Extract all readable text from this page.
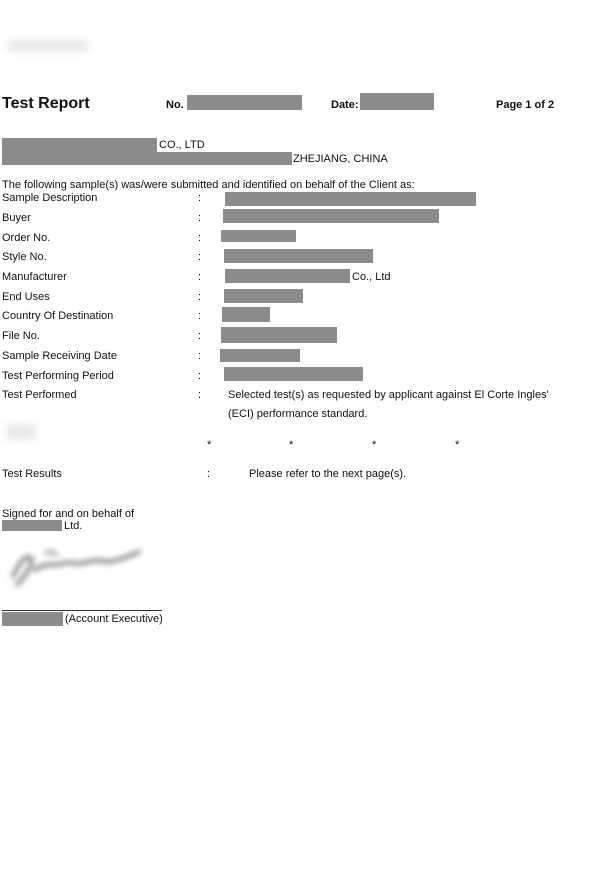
Test Report	No.	Date:	Page 1 of 2
CO., LTD
ZHEJIANG, CHINA
The following sample(s) was/were submitted and identified on behalf of the Client as:
Sample Description	:
Buyer	:
Order No.	:
Style No.	:
Manufacturer	:	Co., Ltd
End Uses	:
Country Of Destination	:
File No.	:
Sample Receiving Date	:
Test Performing Period	:
Test Performed	: Selected test(s) as requested by applicant against El Corte Ingles'
(ECI) performance standard.
*	*	*	*
Test Results	:	Please refer to the next page(s).
Signed for and on behalf of
Ltd.
(Account Executive)
